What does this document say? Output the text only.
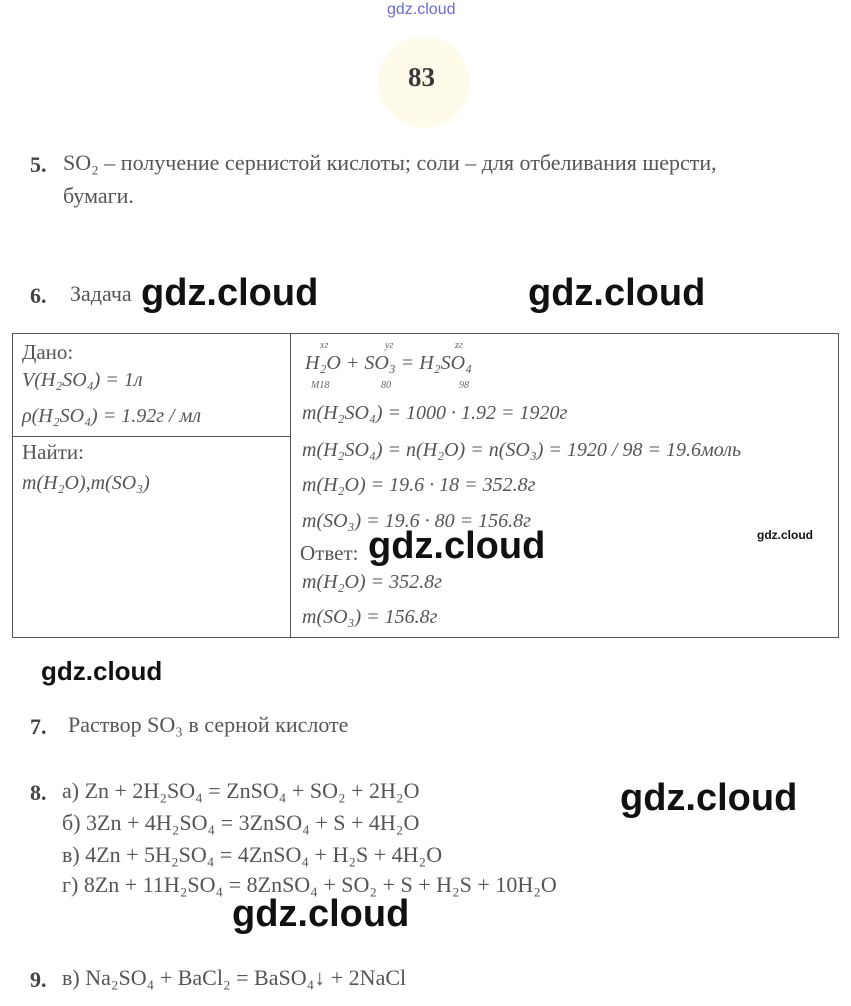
gdz.cloud
83
5. SO₂ – получение сернистой кислоты; соли – для отбеливания шерсти,
бумаги.
6. Задача
Дано:
V(H₂SO₄) = 1л
ρ(H₂SO₄) = 1.92г / мл
Найти:
m(H₂O),m(SO₃)
xг	yг	zг
H₂O + SO₃ = H₂SO₄
M18	80	98
m(H₂SO₄) = 1000 · 1.92 = 1920г
m(H₂SO₄) = n(H₂O) = n(SO₃) = 1920 / 98 = 19.6моль
m(H₂O) = 19.6 · 18 = 352.8г
m(SO₃) = 19.6 · 80 = 156.8г
Ответ:
m(H₂O) = 352.8г
m(SO₃) = 156.8г
7. Раствор SO₃ в серной кислоте
8. а) Zn + 2H₂SO₄ = ZnSO₄ + SO₂ + 2H₂O
б) 3Zn + 4H₂SO₄ = 3ZnSO₄ + S + 4H₂O
в) 4Zn + 5H₂SO₄ = 4ZnSO₄ + H₂S + 4H₂O
г) 8Zn + 11H₂SO₄ = 8ZnSO₄ + SO₂ + S + H₂S + 10H₂O
9. в) Na₂SO₄ + BaCl₂ = BaSO₄↓ + 2NaCl
gdz.cloud	gdz.cloud
gdz.cloud	gdz.cloud
gdz.cloud
gdz.cloud
gdz.cloud
